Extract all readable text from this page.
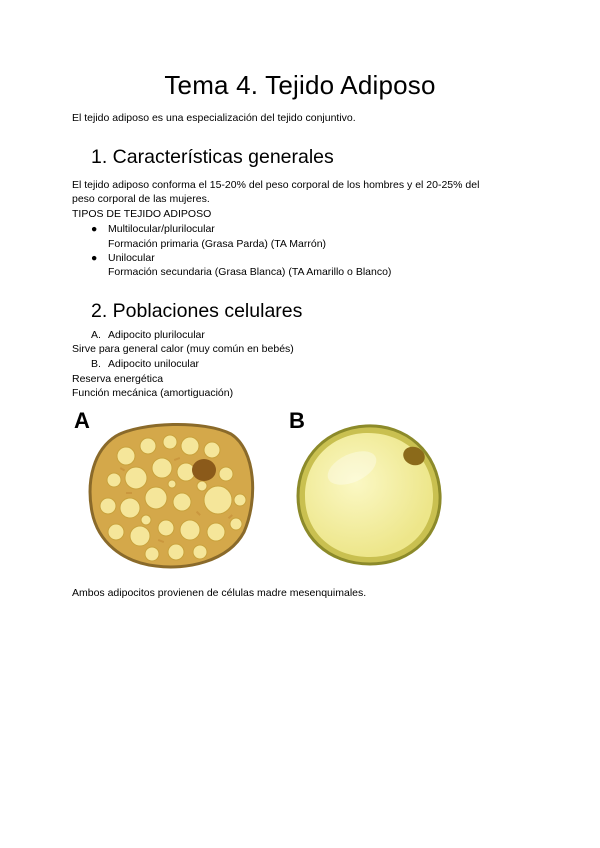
Tema 4. Tejido Adiposo

El tejido adiposo es una especialización del tejido conjuntivo.

1. Características generales

El tejido adiposo conforma el 15-20% del peso corporal de los hombres y el 20-25% del

peso corporal de las mujeres.

TIPOS DE TEJIDO ADIPOSO

● Multilocular/plurilocular
Formación primaria (Grasa Parda) (TA Marrón)
● Unilocular
Formación secundaria (Grasa Blanca) (TA Amarillo o Blanco)
2. Poblaciones celulares
A. Adipocito plurilocular

Sirve para general calor (muy común en bebés)

B. Adipocito unilocular

Reserva energética

Función mecánica (amortiguación)

A	B

Ambos adipocitos provienen de células madre mesenquimales.
